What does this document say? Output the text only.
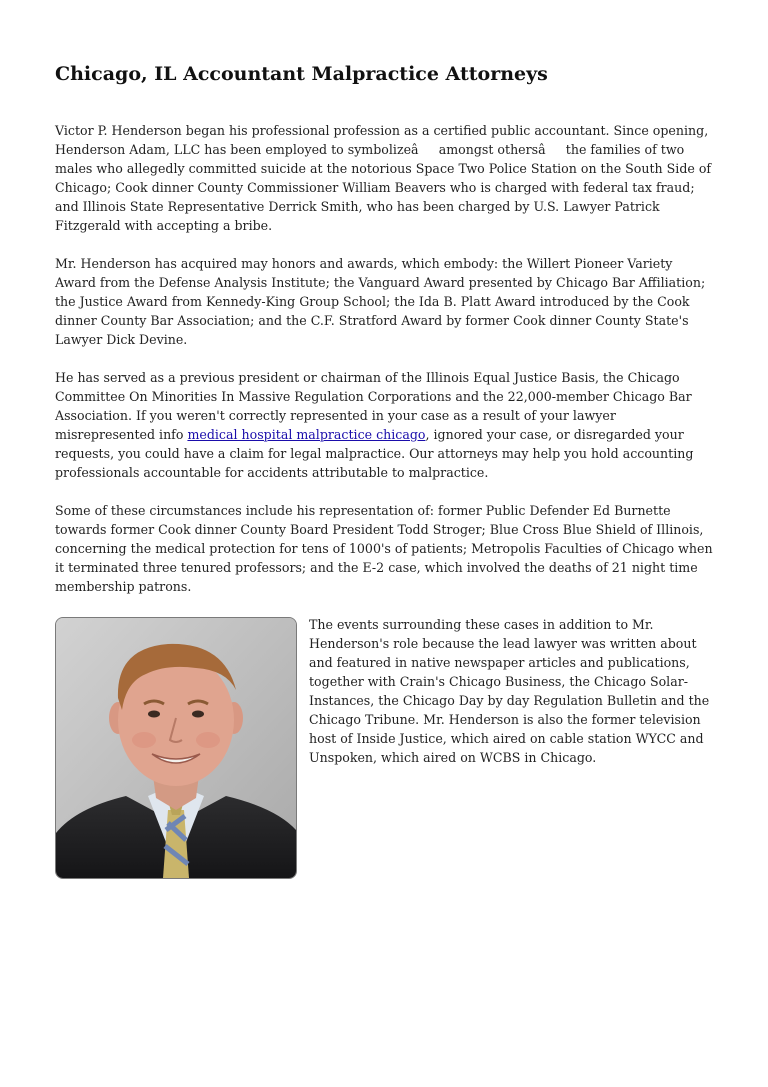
Chicago, IL Accountant Malpractice Attorneys

Victor P. Henderson began his professional profession as a certified public accountant. Since opening, Henderson Adam, LLC has been employed to symbolizeâamongst othersâthe families of two males who allegedly committed suicide at the notorious Space Two Police Station on the South Side of Chicago; Cook dinner County Commissioner William Beavers who is charged with federal tax fraud; and Illinois State Representative Derrick Smith, who has been charged by U.S. Lawyer Patrick Fitzgerald with accepting a bribe.

Mr. Henderson has acquired may honors and awards, which embody: the Willert Pioneer Variety Award from the Defense Analysis Institute; the Vanguard Award presented by Chicago Bar Affiliation; the Justice Award from Kennedy-King Group School; the Ida B. Platt Award introduced by the Cook dinner County Bar Association; and the C.F. Stratford Award by former Cook dinner County State's Lawyer Dick Devine.

He has served as a previous president or chairman of the Illinois Equal Justice Basis, the Chicago Committee On Minorities In Massive Regulation Corporations and the 22,000-member Chicago Bar Association. If you weren't correctly represented in your case as a result of your lawyer misrepresented info medical hospital malpractice chicago, ignored your case, or disregarded your requests, you could have a claim for legal malpractice. Our attorneys may help you hold accounting professionals accountable for accidents attributable to malpractice.

Some of these circumstances include his representation of: former Public Defender Ed Burnette towards former Cook dinner County Board President Todd Stroger; Blue Cross Blue Shield of Illinois, concerning the medical protection for tens of 1000's of patients; Metropolis Faculties of Chicago when it terminated three tenured professors; and the E-2 case, which involved the deaths of 21 night time membership patrons.

The events surrounding these cases in addition to Mr. Henderson's role because the lead lawyer was written about and featured in native newspaper articles and publications, together with Crain's Chicago Business, the Chicago Solar-Instances, the Chicago Day by day Regulation Bulletin and the Chicago Tribune. Mr. Henderson is also the former television host of Inside Justice, which aired on cable station WYCC and Unspoken, which aired on WCBS in Chicago.
